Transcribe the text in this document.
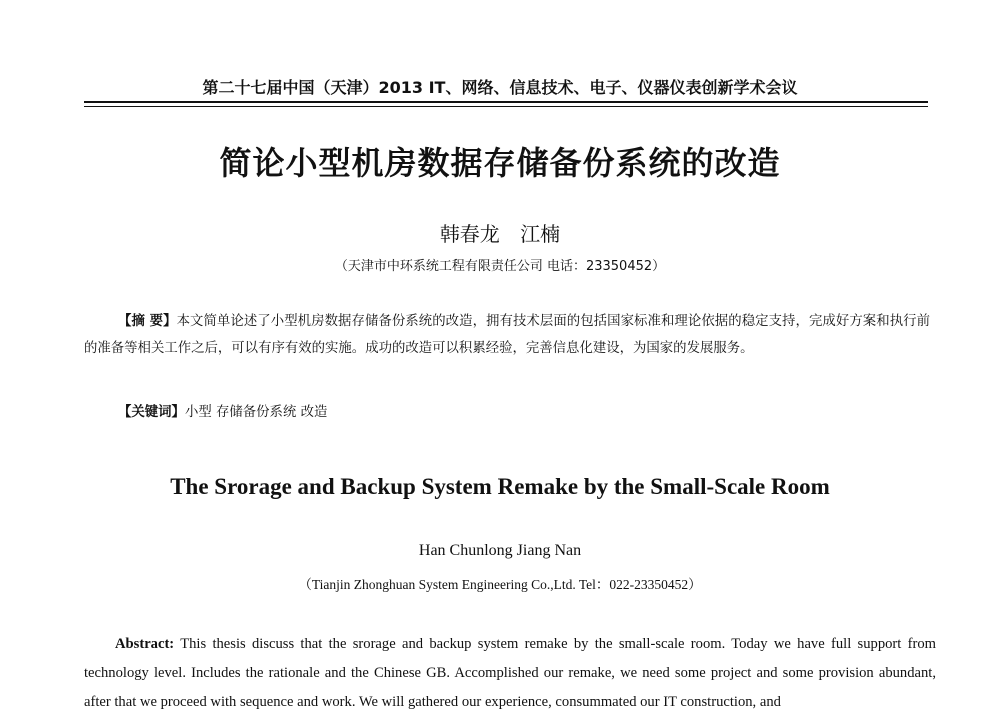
第二十七届中国（天津）2013 IT、网络、信息技术、电子、仪器仪表创新学术会议
简论小型机房数据存储备份系统的改造
韩春龙 江楠
（天津市中环系统工程有限责任公司 电话：23350452）
【摘 要】本文简单论述了小型机房数据存储备份系统的改造，拥有技术层面的包括国家标准和理论依据的稳定支持，完成好方案和执行前的准备等相关工作之后，可以有序有效的实施。成功的改造可以积累经验，完善信息化建设，为国家的发展服务。
【关键词】小型 存储备份系统 改造
The Srorage and Backup System Remake by the Small-Scale Room
Han Chunlong Jiang Nan
（Tianjin Zhonghuan System Engineering Co.,Ltd. Tel：022-23350452）
Abstract: This thesis discuss that the srorage and backup system remake by the small-scale room. Today we have full support from technology level. Includes the rationale and the Chinese GB. Accomplished our remake, we need some project and some provision abundant, after that we proceed with sequence and work. We will gathered our experience, consummated our IT construction, and
